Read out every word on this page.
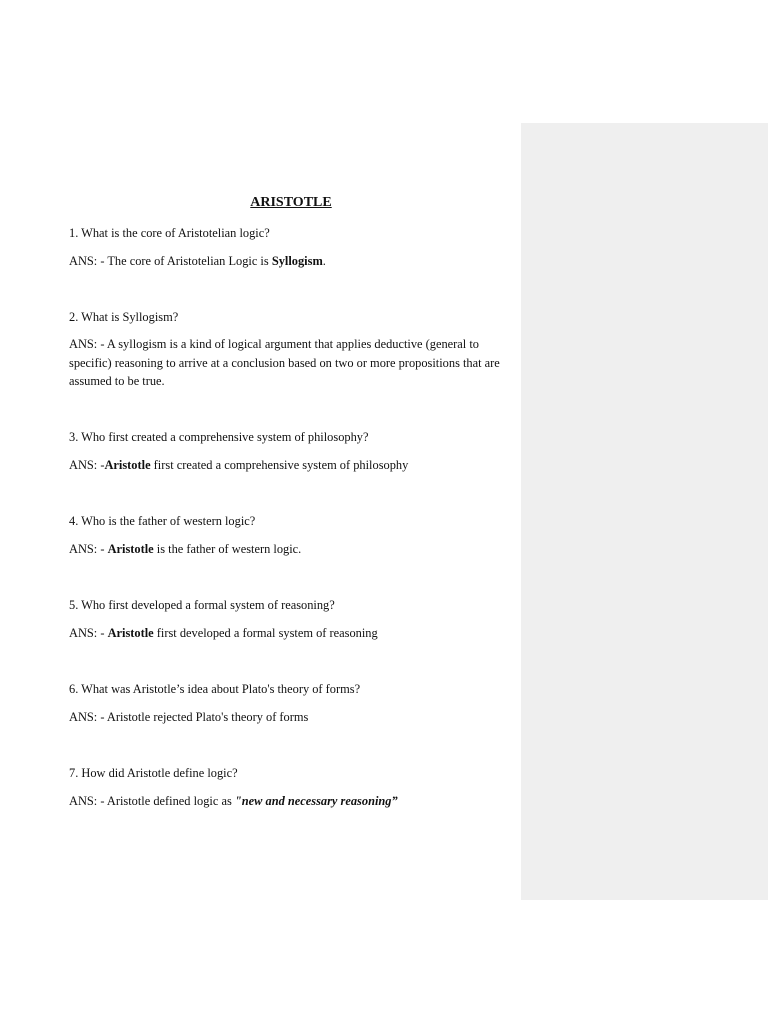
ARISTOTLE

1. What is the core of Aristotelian logic?

ANS: - The core of Aristotelian Logic is Syllogism.

2. What is Syllogism?

ANS: - A syllogism is a kind of logical argument that applies deductive (general to specific) reasoning to arrive at a conclusion based on two or more propositions that are assumed to be true.

3. Who first created a comprehensive system of philosophy?

ANS: -Aristotle first created a comprehensive system of philosophy

4. Who is the father of western logic?

ANS: - Aristotle is the father of western logic.

5. Who first developed a formal system of reasoning?

ANS: - Aristotle first developed a formal system of reasoning

6. What was Aristotle’s idea about Plato's theory of forms?

ANS: - Aristotle rejected Plato's theory of forms

7. How did Aristotle define logic?

ANS: - Aristotle defined logic as "new and necessary reasoning”
